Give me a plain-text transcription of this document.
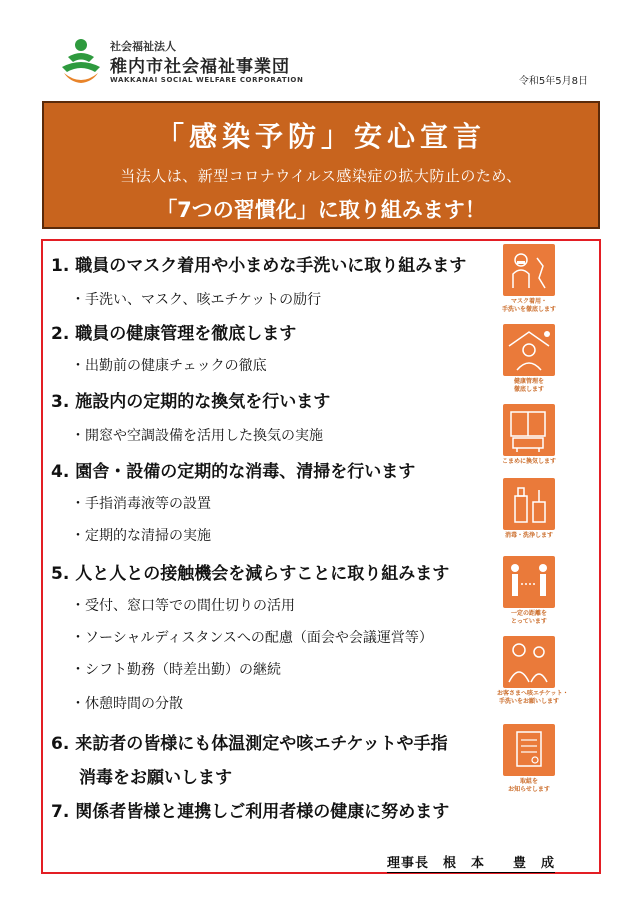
社会福祉法人
稚内市社会福祉事業団
WAKKANAI SOCIAL WELFARE CORPORATION	令和5年5月8日
「感染予防」安心宣言
当法人は、新型コロナウイルス感染症の拡大防止のため、
「7つの習慣化」に取り組みます！
1. 職員のマスク着用や小まめな手洗いに取り組みます
・手洗い、マスク、咳エチケットの励行
2. 職員の健康管理を徹底します
・出勤前の健康チェックの徹底
3. 施設内の定期的な換気を行います
・開窓や空調設備を活用した換気の実施
4. 園舎・設備の定期的な消毒、清掃を行います
・手指消毒液等の設置
・定期的な清掃の実施
5. 人と人との接触機会を減らすことに取り組みます
・受付、窓口等での間仕切りの活用
・ソーシャルディスタンスへの配慮（面会や会議運営等）
・シフト勤務（時差出勤）の継続
・休憩時間の分散
6. 来訪者の皆様にも体温測定や咳エチケットや手指
消毒をお願いします
7. 関係者皆様と連携しご利用者様の健康に努めます
マスク着用・
手洗いを徹底します
健康管理を
徹底します
こまめに換気します
消毒・洗浄します
一定の距離を
とっています
お客さまへ咳エチケット・
手洗いをお願いします
取組を
お知らせします
理事長　根　本　　豊　成
